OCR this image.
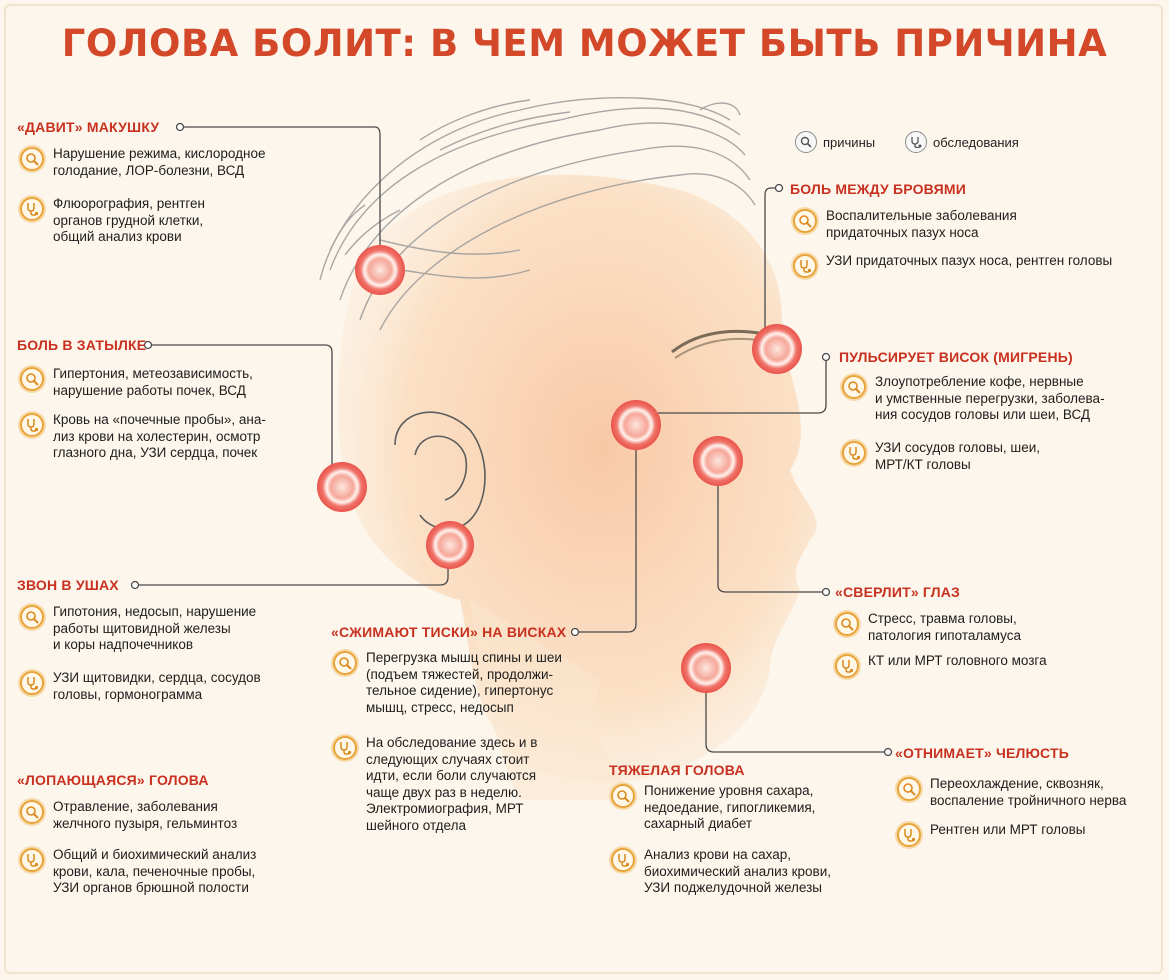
ГОЛОВА БОЛИТ: В ЧЕМ МОЖЕТ БЫТЬ ПРИЧИНА
причины	обследования
«ДАВИТ» МАКУШКУ
Нарушение режима, кислородное
голодание, ЛОР-болезни, ВСД
Флюорография, рентген
органов грудной клетки,
общий анализ крови
БОЛЬ В ЗАТЫЛКЕ
Гипертония, метеозависимость,
нарушение работы почек, ВСД
Кровь на «почечные пробы», ана-
лиз крови на холестерин, осмотр
глазного дна, УЗИ сердца, почек
ЗВОН В УШАХ
Гипотония, недосып, нарушение
работы щитовидной железы
и коры надпочечников
УЗИ щитовидки, сердца, сосудов
головы, гормонограмма
«ЛОПАЮЩАЯСЯ» ГОЛОВА
Отравление, заболевания
желчного пузыря, гельминтоз
Общий и биохимический анализ
крови, кала, печеночные пробы,
УЗИ органов брюшной полости
«СЖИМАЮТ ТИСКИ» НА ВИСКАХ
Перегрузка мышц спины и шеи
(подъем тяжестей, продолжи-
тельное сидение), гипертонус
мышц, стресс, недосып
На обследование здесь и в
следующих случаях стоит
идти, если боли случаются
чаще двух раз в неделю.
Электромиография, МРТ
шейного отдела
ТЯЖЕЛАЯ ГОЛОВА
Понижение уровня сахара,
недоедание, гипогликемия,
сахарный диабет
Анализ крови на сахар,
биохимический анализ крови,
УЗИ поджелудочной железы
БОЛЬ МЕЖДУ БРОВЯМИ
Воспалительные заболевания
придаточных пазух носа
УЗИ придаточных пазух носа, рентген головы
ПУЛЬСИРУЕТ ВИСОК (МИГРЕНЬ)
Злоупотребление кофе, нервные
и умственные перегрузки, заболева-
ния сосудов головы или шеи, ВСД
УЗИ сосудов головы, шеи,
МРТ/КТ головы
«СВЕРЛИТ» ГЛАЗ
Стресс, травма головы,
патология гипоталамуса
КТ или МРТ головного мозга
«ОТНИМАЕТ» ЧЕЛЮСТЬ
Переохлаждение, сквозняк,
воспаление тройничного нерва
Рентген или МРТ головы
